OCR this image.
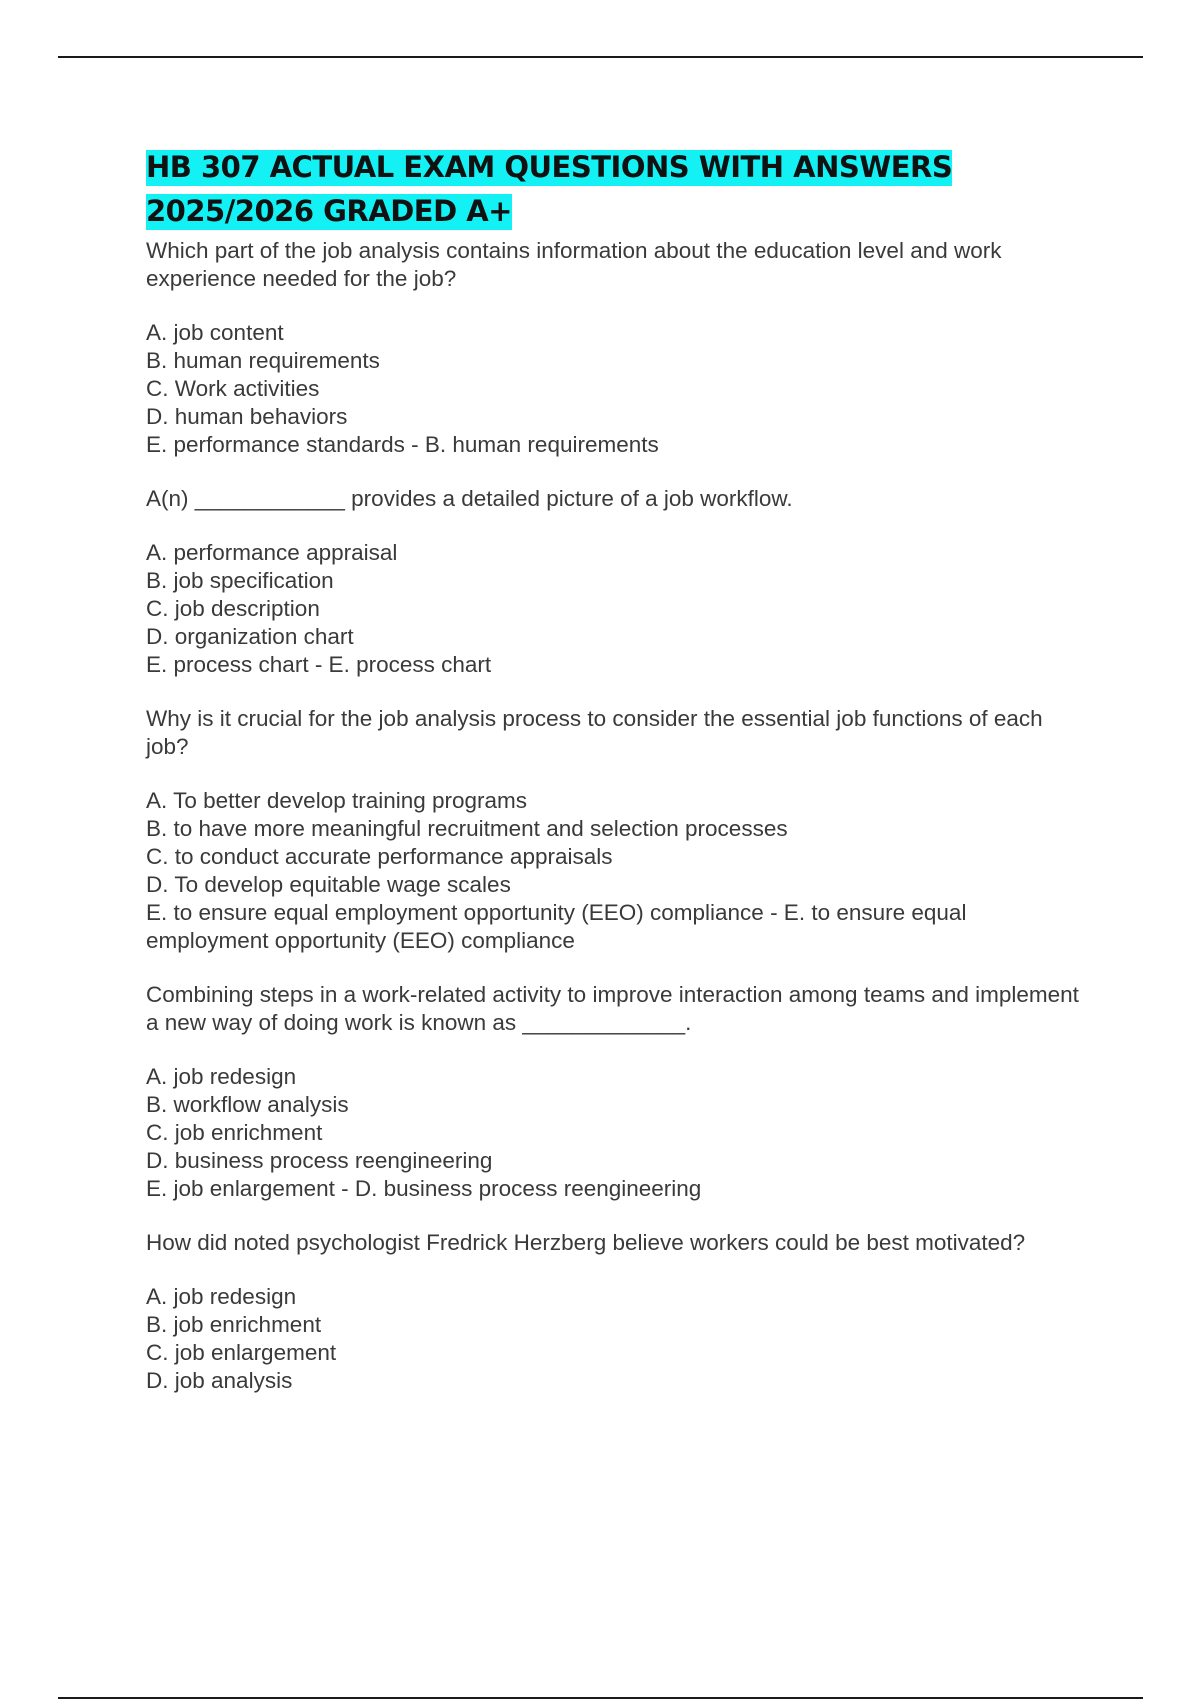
HB 307 ACTUAL EXAM QUESTIONS WITH ANSWERS
2025/2026 GRADED A+

Which part of the job analysis contains information about the education level and work experience needed for the job?

A. job content
B. human requirements
C. Work activities
D. human behaviors
E. performance standards - B. human requirements

A(n) ____________ provides a detailed picture of a job workflow.

A. performance appraisal
B. job specification
C. job description
D. organization chart
E. process chart - E. process chart

Why is it crucial for the job analysis process to consider the essential job functions of each job?

A. To better develop training programs
B. to have more meaningful recruitment and selection processes
C. to conduct accurate performance appraisals
D. To develop equitable wage scales
E. to ensure equal employment opportunity (EEO) compliance - E. to ensure equal employment opportunity (EEO) compliance

Combining steps in a work-related activity to improve interaction among teams and implement a new way of doing work is known as _____________.

A. job redesign
B. workflow analysis
C. job enrichment
D. business process reengineering
E. job enlargement - D. business process reengineering

How did noted psychologist Fredrick Herzberg believe workers could be best motivated?

A. job redesign
B. job enrichment
C. job enlargement
D. job analysis
